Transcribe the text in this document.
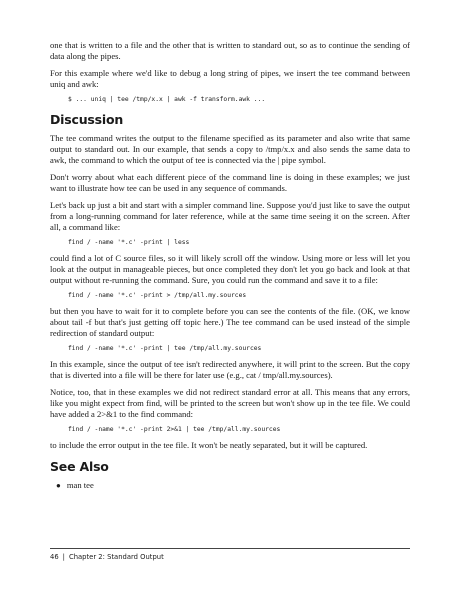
one that is written to a file and the other that is written to standard out, so as to continue the sending of data along the pipes.

For this example where we'd like to debug a long string of pipes, we insert the tee command between uniq and awk:

$ ... uniq | tee /tmp/x.x | awk -f transform.awk ...
Discussion

The tee command writes the output to the filename specified as its parameter and also write that same output to standard out. In our example, that sends a copy to /tmp/x.x and also sends the same data to awk, the command to which the output of tee is connected via the | pipe symbol.

Don't worry about what each different piece of the command line is doing in these examples; we just want to illustrate how tee can be used in any sequence of commands.

Let's back up just a bit and start with a simpler command line. Suppose you'd just like to save the output from a long-running command for later reference, while at the same time seeing it on the screen. After all, a command like:

find / -name '*.c' -print | less

could find a lot of C source files, so it will likely scroll off the window. Using more or less will let you look at the output in manageable pieces, but once completed they don't let you go back and look at that output without re-running the command. Sure, you could run the command and save it to a file:

find / -name '*.c' -print > /tmp/all.my.sources

but then you have to wait for it to complete before you can see the contents of the file. (OK, we know about tail -f but that's just getting off topic here.) The tee command can be used instead of the simple redirection of standard output:

find / -name '*.c' -print | tee /tmp/all.my.sources

In this example, since the output of tee isn't redirected anywhere, it will print to the screen. But the copy that is diverted into a file will be there for later use (e.g., cat / tmp/all.my.sources).

Notice, too, that in these examples we did not redirect standard error at all. This means that any errors, like you might expect from find, will be printed to the screen but won't show up in the tee file. We could have added a 2>&1 to the find command:

find / -name '*.c' -print 2>&1 | tee /tmp/all.my.sources

to include the error output in the tee file. It won't be neatly separated, but it will be captured.

See Also
● man tee
46 | Chapter 2: Standard Output
